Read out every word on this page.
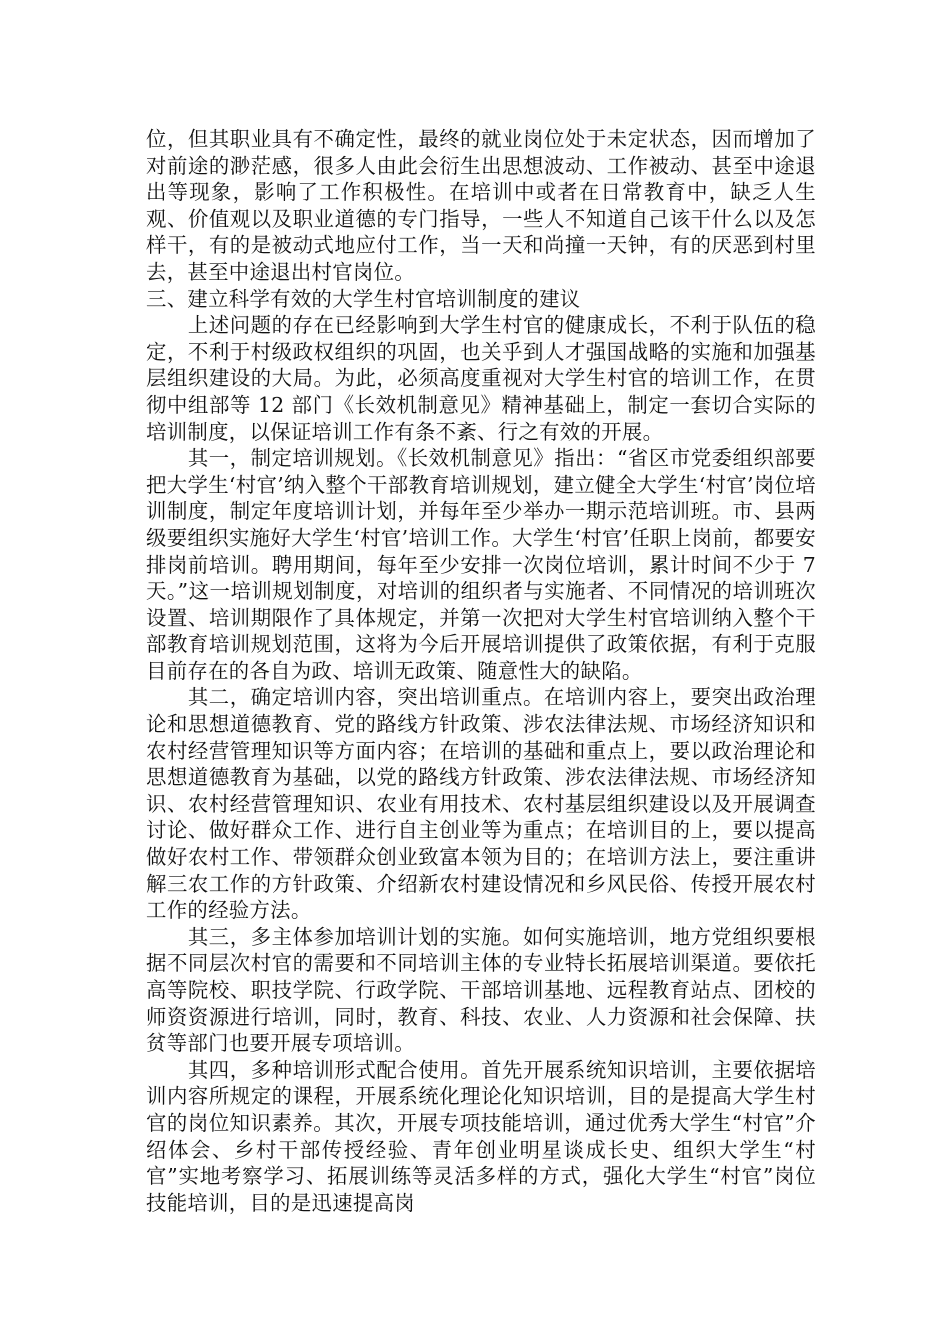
位，但其职业具有不确定性，最终的就业岗位处于未定状态，因而增加了对前途的渺茫感，很多人由此会衍生出思想波动、工作被动、甚至中途退出等现象，影响了工作积极性。在培训中或者在日常教育中，缺乏人生观、价值观以及职业道德的专门指导，一些人不知道自己该干什么以及怎样干，有的是被动式地应付工作，当一天和尚撞一天钟，有的厌恶到村里去，甚至中途退出村官岗位。

三、建立科学有效的大学生村官培训制度的建议

上述问题的存在已经影响到大学生村官的健康成长，不利于队伍的稳定，不利于村级政权组织的巩固，也关乎到人才强国战略的实施和加强基层组织建设的大局。为此，必须高度重视对大学生村官的培训工作，在贯彻中组部等 12 部门《长效机制意见》精神基础上，制定一套切合实际的培训制度，以保证培训工作有条不紊、行之有效的开展。

其一，制定培训规划。《长效机制意见》指出：“省区市党委组织部要把大学生‘村官’纳入整个干部教育培训规划，建立健全大学生‘村官’岗位培训制度，制定年度培训计划，并每年至少举办一期示范培训班。市、县两级要组织实施好大学生‘村官’培训工作。大学生‘村官’任职上岗前，都要安排岗前培训。聘用期间，每年至少安排一次岗位培训，累计时间不少于 7 天。”这一培训规划制度，对培训的组织者与实施者、不同情况的培训班次设置、培训期限作了具体规定，并第一次把对大学生村官培训纳入整个干部教育培训规划范围，这将为今后开展培训提供了政策依据，有利于克服目前存在的各自为政、培训无政策、随意性大的缺陷。

其二，确定培训内容，突出培训重点。在培训内容上，要突出政治理论和思想道德教育、党的路线方针政策、涉农法律法规、市场经济知识和农村经营管理知识等方面内容；在培训的基础和重点上，要以政治理论和思想道德教育为基础，以党的路线方针政策、涉农法律法规、市场经济知识、农村经营管理知识、农业有用技术、农村基层组织建设以及开展调查讨论、做好群众工作、进行自主创业等为重点；在培训目的上，要以提高做好农村工作、带领群众创业致富本领为目的；在培训方法上，要注重讲解三农工作的方针政策、介绍新农村建设情况和乡风民俗、传授开展农村工作的经验方法。

其三，多主体参加培训计划的实施。如何实施培训，地方党组织要根据不同层次村官的需要和不同培训主体的专业特长拓展培训渠道。要依托高等院校、职技学院、行政学院、干部培训基地、远程教育站点、团校的师资资源进行培训，同时，教育、科技、农业、人力资源和社会保障、扶贫等部门也要开展专项培训。

其四，多种培训形式配合使用。首先开展系统知识培训，主要依据培训内容所规定的课程，开展系统化理论化知识培训，目的是提高大学生村官的岗位知识素养。其次，开展专项技能培训，通过优秀大学生“村官”介绍体会、乡村干部传授经验、青年创业明星谈成长史、组织大学生“村官”实地考察学习、拓展训练等灵活多样的方式，强化大学生“村官”岗位技能培训，目的是迅速提高岗
